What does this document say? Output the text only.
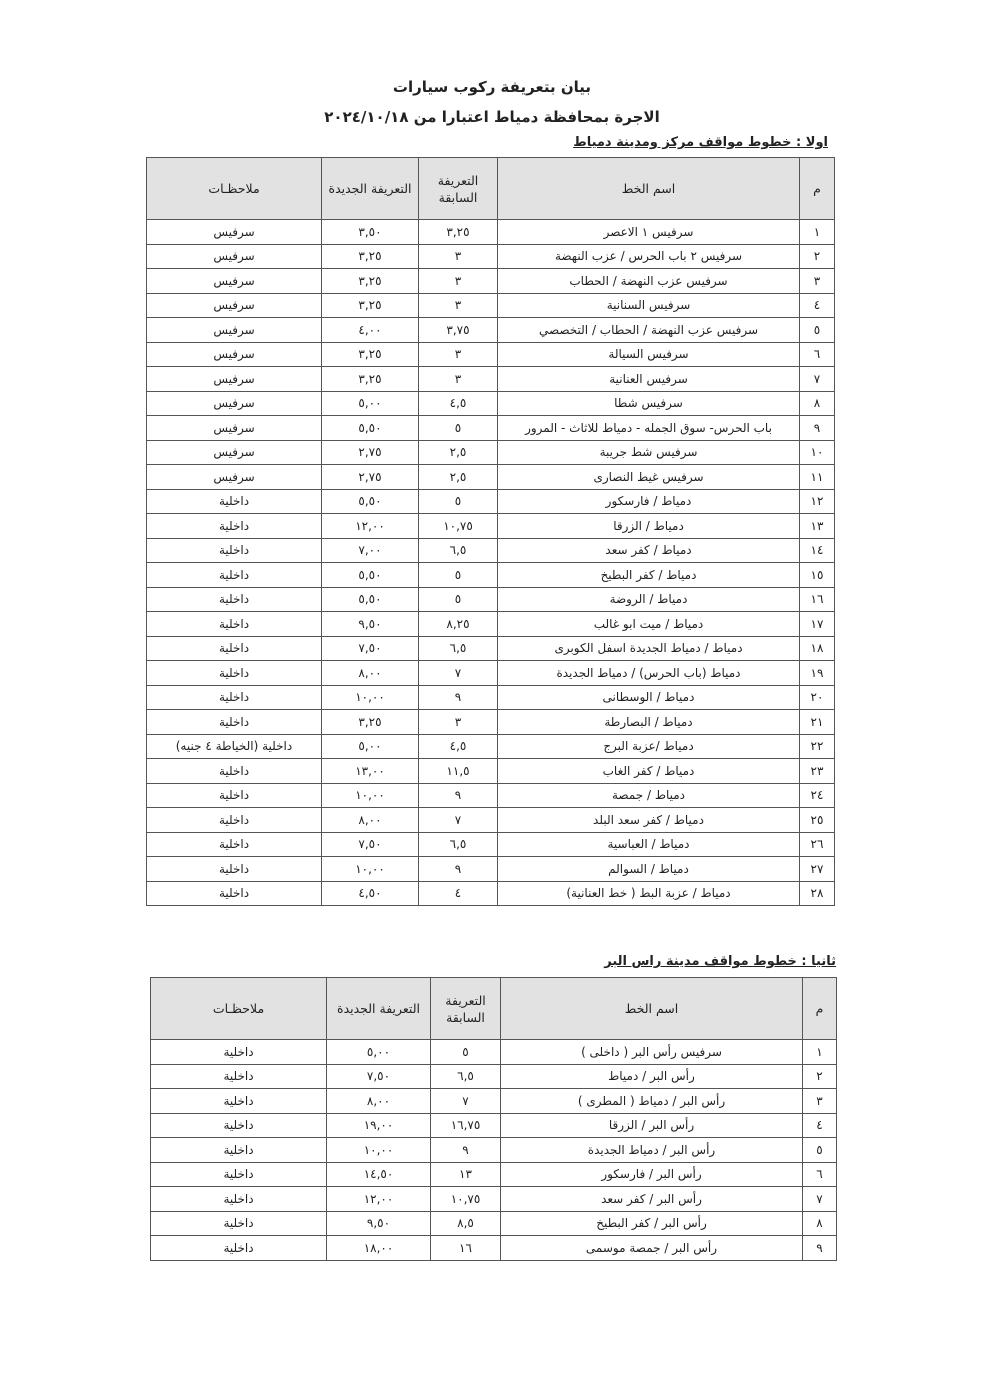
بيان بتعريفة ركوب سيارات
الاجرة بمحافظة دمياط اعتبارا من ٢٠٢٤/١٠/١٨
اولا : خطوط مواقف مركز ومدينة دمياط
م	اسم الخط	التعريفة السابقة	التعريفة الجديدة	ملاحظـات
١	سرفيس ١ الاعصر	٣,٢٥	٣,٥٠	سرفيس
٢	سرفيس ٢ باب الحرس / عزب النهضة	٣	٣,٢٥	سرفيس
٣	سرفيس عزب النهضة / الحطاب	٣	٣,٢٥	سرفيس
٤	سرفيس السنانية	٣	٣,٢٥	سرفيس
٥	سرفيس عزب النهضة / الحطاب / التخصصي	٣,٧٥	٤,٠٠	سرفيس
٦	سرفيس السيالة	٣	٣,٢٥	سرفيس
٧	سرفيس العنانية	٣	٣,٢٥	سرفيس
٨	سرفيس شطا	٤,٥	٥,٠٠	سرفيس
٩	باب الحرس- سوق الجمله - دمياط للاثاث - المرور	٥	٥,٥٠	سرفيس
١٠	سرفيس شط جريبة	٢,٥	٢,٧٥	سرفيس
١١	سرفيس غيط النصارى	٢,٥	٢,٧٥	سرفيس
١٢	دمياط / فارسكور	٥	٥,٥٠	داخلية
١٣	دمياط / الزرقا	١٠,٧٥	١٢,٠٠	داخلية
١٤	دمياط / كفر سعد	٦,٥	٧,٠٠	داخلية
١٥	دمياط / كفر البطيخ	٥	٥,٥٠	داخلية
١٦	دمياط / الروضة	٥	٥,٥٠	داخلية
١٧	دمياط / ميت ابو غالب	٨,٢٥	٩,٥٠	داخلية
١٨	دمياط / دمياط الجديدة اسفل الكوبرى	٦,٥	٧,٥٠	داخلية
١٩	دمياط (باب الحرس) / دمياط الجديدة	٧	٨,٠٠	داخلية
٢٠	دمياط / الوسطانى	٩	١٠,٠٠	داخلية
٢١	دمياط / البصارطة	٣	٣,٢٥	داخلية
٢٢	دمياط /عزبة البرج	٤,٥	٥,٠٠	داخلية (الخياطة ٤ جنيه)
٢٣	دمياط / كفر الغاب	١١,٥	١٣,٠٠	داخلية
٢٤	دمياط / جمصة	٩	١٠,٠٠	داخلية
٢٥	دمياط / كفر سعد البلد	٧	٨,٠٠	داخلية
٢٦	دمياط / العباسية	٦,٥	٧,٥٠	داخلية
٢٧	دمياط / السوالم	٩	١٠,٠٠	داخلية
٢٨	دمياط / عزبة البط ( خط العنانية)	٤	٤,٥٠	داخلية
ثانيا : خطوط مواقف مدينة راس البر
م	اسم الخط	التعريفة السابقة	التعريفة الجديدة	ملاحظـات
١	سرفيس رأس البر ( داخلى )	٥	٥,٠٠	داخلية
٢	رأس البر / دمياط	٦,٥	٧,٥٠	داخلية
٣	رأس البر / دمياط ( المطرى )	٧	٨,٠٠	داخلية
٤	رأس البر / الزرقا	١٦,٧٥	١٩,٠٠	داخلية
٥	رأس البر / دمياط الجديدة	٩	١٠,٠٠	داخلية
٦	رأس البر / فارسكور	١٣	١٤,٥٠	داخلية
٧	رأس البر / كفر سعد	١٠,٧٥	١٢,٠٠	داخلية
٨	رأس البر / كفر البطيخ	٨,٥	٩,٥٠	داخلية
٩	رأس البر / جمصة موسمى	١٦	١٨,٠٠	داخلية
